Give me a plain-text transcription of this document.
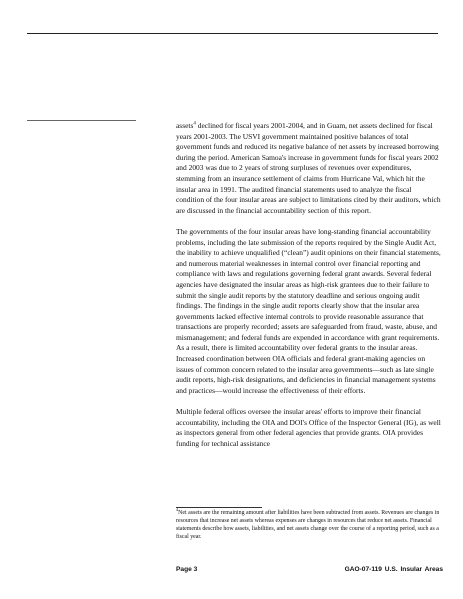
assets$^4$ declined for fiscal years 2001-2004, and in Guam, net assets declined for fiscal years 2001-2003. The USVI government maintained positive balances of total government funds and reduced its negative balance of net assets by increased borrowing during the period. American Samoa's increase in government funds for fiscal years 2002 and 2003 was due to 2 years of strong surpluses of revenues over expenditures, stemming from an insurance settlement of claims from Hurricane Val, which hit the insular area in 1991. The audited financial statements used to analyze the fiscal condition of the four insular areas are subject to limitations cited by their auditors, which are discussed in the financial accountability section of this report.

The governments of the four insular areas have long-standing financial accountability problems, including the late submission of the reports required by the Single Audit Act, the inability to achieve unqualified (“clean”) audit opinions on their financial statements, and numerous material weaknesses in internal control over financial reporting and compliance with laws and regulations governing federal grant awards. Several federal agencies have designated the insular areas as high-risk grantees due to their failure to submit the single audit reports by the statutory deadline and serious ongoing audit findings. The findings in the single audit reports clearly show that the insular area governments lacked effective internal controls to provide reasonable assurance that transactions are properly recorded; assets are safeguarded from fraud, waste, abuse, and mismanagement; and federal funds are expended in accordance with grant requirements. As a result, there is limited accountability over federal grants to the insular areas. Increased coordination between OIA officials and federal grant-making agencies on issues of common concern related to the insular area governments—such as late single audit reports, high-risk designations, and deficiencies in financial management systems and practices—would increase the effectiveness of their efforts.

Multiple federal offices oversee the insular areas' efforts to improve their financial accountability, including the OIA and DOI's Office of the Inspector General (IG), as well as inspectors general from other federal agencies that provide grants. OIA provides funding for technical assistance

$^4$Net assets are the remaining amount after liabilities have been subtracted from assets. Revenues are changes in resources that increase net assets whereas expenses are changes in resources that reduce net assets. Financial statements describe how assets, liabilities, and net assets change over the course of a reporting period, such as a fiscal year.
Page 3	GAO-07-119 U.S. Insular Areas
